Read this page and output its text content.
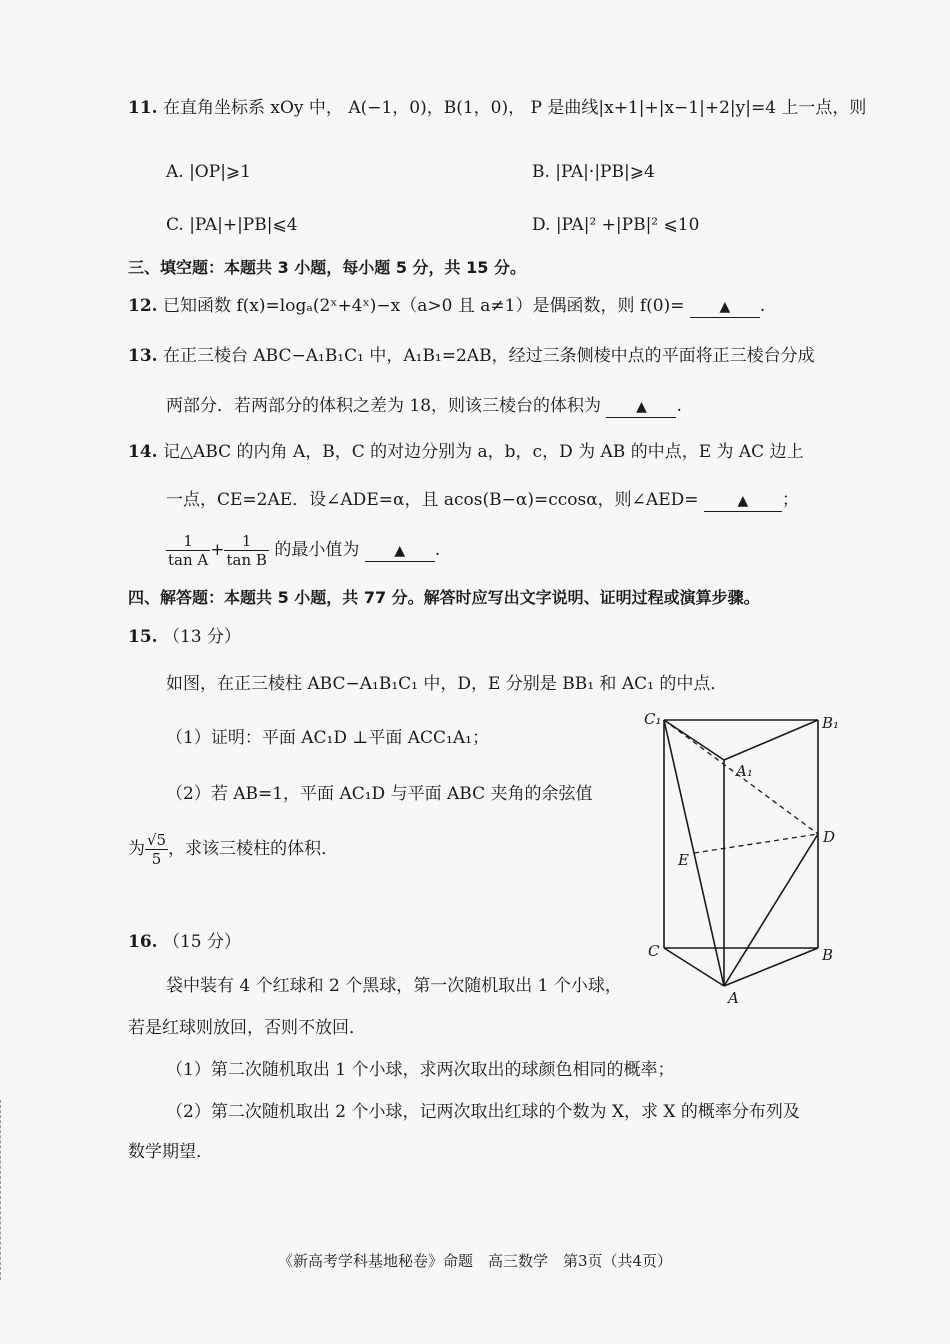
11. 在直角坐标系 xOy 中， A(−1，0)，B(1，0)， P 是曲线|x+1|+|x−1|+2|y|=4 上一点，则
A. |OP|⩾1	B. |PA|·|PB|⩾4
C. |PA|+|PB|⩽4	D. |PA|² +|PB|² ⩽10
三、填空题：本题共 3 小题，每小题 5 分，共 15 分。
12. 已知函数 f(x)=logₐ(2ˣ+4ˣ)−x（a>0 且 a≠1）是偶函数，则 f(0)=	▲ .
13. 在正三棱台 ABC−A₁B₁C₁ 中，A₁B₁=2AB，经过三条侧棱中点的平面将正三棱台分成
两部分．若两部分的体积之差为 18，则该三棱台的体积为	▲ .
14. 记△ABC 的内角 A，B，C 的对边分别为 a，b，c，D 为 AB 的中点，E 为 AC 边上
一点，CE=2AE．设∠ADE=α，且 acos(B−α)=ccosα，则∠AED=	▲ ；
$\frac{1}{\text{tan A}} + \frac{1}{\text{tan B}}$ 的最小值为	▲ .
四、解答题：本题共 5 小题，共 77 分。解答时应写出文字说明、证明过程或演算步骤。
15. （13 分）
如图，在正三棱柱 ABC−A₁B₁C₁ 中，D，E 分别是 BB₁ 和 AC₁ 的中点．
（1）证明：平面 AC₁D ⊥平面 ACC₁A₁；
（2）若 AB=1，平面 AC₁D 与平面 ABC 夹角的余弦值
为 $\frac{√5}{5}$ ，求该三棱柱的体积．
C₁	B₁
A₁
D
E
C	B
A
16. （15 分）
袋中装有 4 个红球和 2 个黑球，第一次随机取出 1 个小球，
若是红球则放回，否则不放回．
（1）第二次随机取出 1 个小球，求两次取出的球颜色相同的概率；
（2）第二次随机取出 2 个小球，记两次取出红球的个数为 X，求 X 的概率分布列及
数学期望．
《新高考学科基地秘卷》命题　高三数学　第3页（共4页）
